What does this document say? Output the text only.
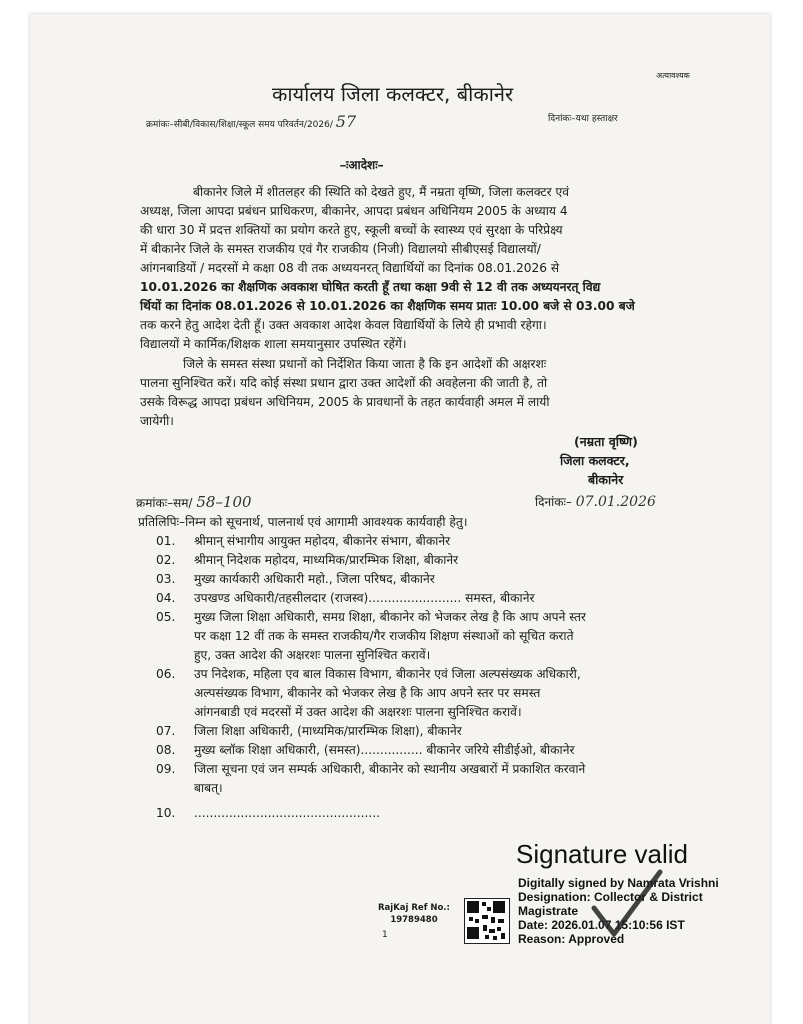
अत्यावश्यक
कार्यालय जिला कलक्टर, बीकानेर
क्रमांकः–सीबी/विकास/शिक्षा/स्कूल समय परिवर्तन/2026/ 57	दिनांकः–यथा हस्ताक्षर
–ःआदेशः–
बीकानेर जिले में शीतलहर की स्थिति को देखते हुए, मैं नम्रता वृष्णि, जिला कलक्टर एवं
अध्यक्ष, जिला आपदा प्रबंधन प्राधिकरण, बीकानेर, आपदा प्रबंधन अधिनियम 2005 के अध्याय 4
की धारा 30 में प्रदत्त शक्तियों का प्रयोग करते हुए, स्कूली बच्चों के स्वास्थ्य एवं सुरक्षा के परिप्रेक्ष्य
में बीकानेर जिले के समस्त राजकीय एवं गैर राजकीय (निजी) विद्यालयो सीबीएसई विद्यालयों/
आंगनबाडियों / मदरसों मे कक्षा 08 वी तक अध्ययनरत् विद्यार्थियों का दिनांक 08.01.2026 से
10.01.2026 का शैक्षणिक अवकाश घोषित करती हूँ तथा कक्षा 9वी से 12 वी तक अध्ययनरत् विद्य
र्थियों का दिनांक 08.01.2026 से 10.01.2026 का शैक्षणिक समय प्रातः 10.00 बजे से 03.00 बजे
तक करने हेतु आदेश देती हूँ। उक्त अवकाश आदेश केवल विद्यार्थियों के लिये ही प्रभावी रहेगा।
विद्यालयों मे कार्मिक/शिक्षक शाला समयानुसार उपस्थित रहेंगें।
जिले के समस्त संस्था प्रधानों को निर्देशित किया जाता है कि इन आदेशों की अक्षरशः
पालना सुनिश्चित करें। यदि कोई संस्था प्रधान द्वारा उक्त आदेशों की अवहेलना की जाती है, तो
उसके विरूद्ध आपदा प्रबंधन अधिनियम, 2005 के प्रावधानों के तहत कार्यवाही अमल में लायी
जायेगी।
(नम्रता वृष्णि)
जिला कलक्टर,
बीकानेर
क्रमांकः–सम/ 58–100	दिनांकः– 07.01.2026
प्रतिलिपिः–निम्न को सूचनार्थ, पालनार्थ एवं आगामी आवश्यक कार्यवाही हेतु।
01. श्रीमान् संभागीय आयुक्त महोदय, बीकानेर संभाग, बीकानेर
02. श्रीमान् निदेशक महोदय, माध्यमिक/प्रारम्भिक शिक्षा, बीकानेर
03. मुख्य कार्यकारी अधिकारी महो., जिला परिषद, बीकानेर
04. उपखण्ड अधिकारी/तहसीलदार (राजस्व)........................ समस्त, बीकानेर
05. मुख्य जिला शिक्षा अधिकारी, समग्र शिक्षा, बीकानेर को भेजकर लेख है कि आप अपने स्तर
पर कक्षा 12 वीं तक के समस्त राजकीय/गैर राजकीय शिक्षण संस्थाओं को सूचित कराते
हुए, उक्त आदेश की अक्षरशः पालना सुनिश्चित करावें।
06. उप निदेशक, महिला एव बाल विकास विभाग, बीकानेर एवं जिला अल्पसंख्यक अधिकारी,
अल्पसंख्यक विभाग, बीकानेर को भेजकर लेख है कि आप अपने स्तर पर समस्त
आंगनबाडी एवं मदरसों में उक्त आदेश की अक्षरशः पालना सुनिश्चित करावें।
07. जिला शिक्षा अधिकारी, (माध्यमिक/प्रारम्भिक शिक्षा), बीकानेर
08. मुख्य ब्लॉक शिक्षा अधिकारी, (समस्त)................ बीकानेर जरिये सीडीईओ, बीकानेर
09. जिला सूचना एवं जन सम्पर्क अधिकारी, बीकानेर को स्थानीय अखबारों में प्रकाशित करवाने
बाबत्।
10. ................................................
RajKaj Ref No.:
19789480
1
Signature valid
Digitally signed by Namrata Vrishni
Designation: Collector & District
Magistrate
Date: 2026.01.07 15:10:56 IST
Reason: Approved
